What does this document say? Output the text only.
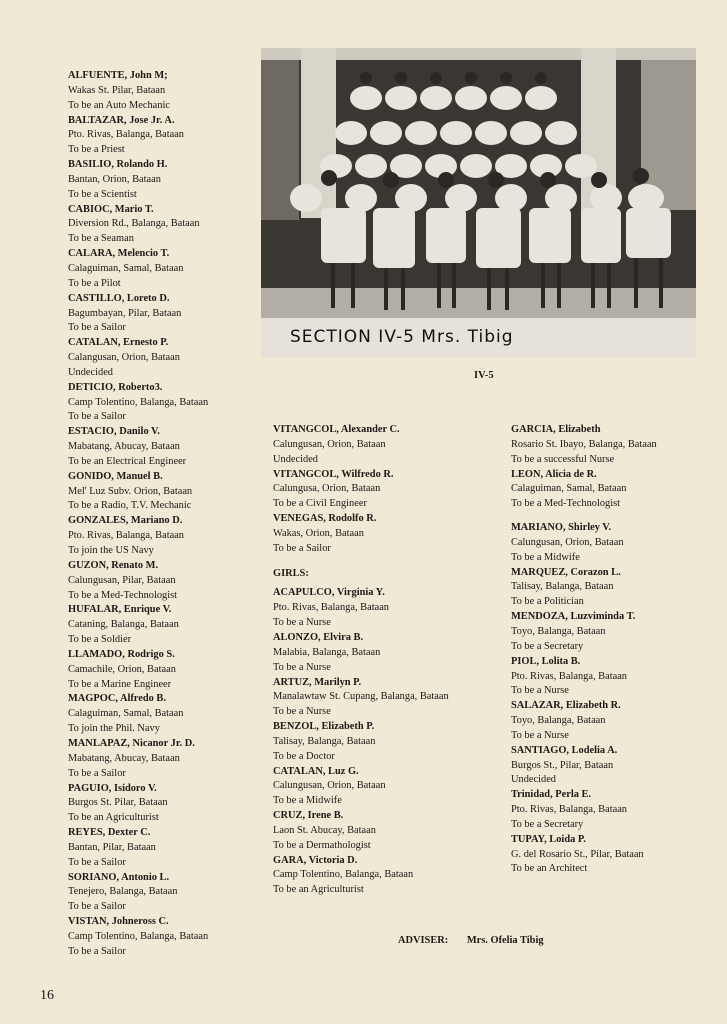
SECTION IV-5 Mrs. Tibig
IV-5
ALFUENTE, John M;
Wakas St. Pilar, Bataan
To be an Auto Mechanic
BALTAZAR, Jose Jr. A.
Pto. Rivas, Balanga, Bataan
To be a Priest
BASILIO, Rolando H.
Bantan, Orion, Bataan
To be a Scientist
CABIOC, Mario T.
Diversion Rd., Balanga, Bataan
To be a Seaman
CALARA, Melencio T.
Calaguiman, Samal, Bataan
To be a Pilot
CASTILLO, Loreto D.
Bagumbayan, Pilar, Bataan
To be a Sailor
CATALAN, Ernesto P.
Calangusan, Orion, Bataan
Undecided
DETICIO, Roberto3.
Camp Tolentino, Balanga, Bataan
To be a Sailor
ESTACIO, Danilo V.
Mabatang, Abucay, Bataan
To be an Electrical Engineer
GONIDO, Manuel B.
Mel' Luz Subv. Orion, Bataan
To be a Radio, T.V. Mechanic
GONZALES, Mariano D.
Pto. Rivas, Balanga, Bataan
To join the US Navy
GUZON, Renato M.
Calungusan, Pilar, Bataan
To be a Med-Technologist
HUFALAR, Enrique V.
Cataning, Balanga, Bataan
To be a Soldier
LLAMADO, Rodrigo S.
Camachile, Orion, Bataan
To be a Marine Engineer
MAGPOC, Alfredo B.
Calaguiman, Samal, Bataan
To join the Phil. Navy
MANLAPAZ, Nicanor Jr. D.
Mabatang, Abucay, Bataan
To be a Sailor
PAGUIO, Isidoro V.
Burgos St. Pilar, Bataan
To be an Agriculturist
REYES, Dexter C.
Bantan, Pilar, Bataan
To be a Sailor
SORIANO, Antonio L.
Tenejero, Balanga, Bataan
To be a Sailor
VISTAN, Johneross C.
Camp Tolentino, Balanga, Bataan
To be a Sailor
VITANGCOL, Alexander C.
Calungusan, Orion, Bataan
Undecided
VITANGCOL, Wilfredo R.
Calungusa, Orion, Bataan
To be a Civil Engineer
VENEGAS, Rodolfo R.
Wakas, Orion, Bataan
To be a Sailor
GIRLS:
ACAPULCO, Virginia Y.
Pto. Rivas, Balanga, Bataan
To be a Nurse
ALONZO, Elvira B.
Malabia, Balanga, Bataan
To be a Nurse
ARTUZ, Marilyn P.
Manalawtaw St. Cupang, Balanga, Bataan
To be a Nurse
BENZOL, Elizabeth P.
Talisay, Balanga, Bataan
To be a Doctor
CATALAN, Luz G.
Calungusan, Orion, Bataan
To be a Midwife
CRUZ, Irene B.
Laon St. Abucay, Bataan
To be a Dermathologist
GARA, Victoria D.
Camp Tolentino, Balanga, Bataan
To be an Agriculturist
GARCIA, Elizabeth
Rosario St. Ibayo, Balanga, Bataan
To be a successful Nurse
LEON, Alicia de R.
Calaguiman, Samal, Bataan
To be a Med-Technologist
MARIANO, Shirley V.
Calungusan, Orion, Bataan
To be a Midwife
MARQUEZ, Corazon L.
Talisay, Balanga, Bataan
To be a Politician
MENDOZA, Luzviminda T.
Toyo, Balanga, Bataan
To be a Secretary
PIOL, Lolita B.
Pto. Rivas, Balanga, Bataan
To be a Nurse
SALAZAR, Elizabeth R.
Toyo, Balanga, Bataan
To be a Nurse
SANTIAGO, Lodelia A.
Burgos St., Pilar, Bataan
Undecided
Trinidad, Perla E.
Pto. Rivas, Balanga, Bataan
To be a Secretary
TUPAY, Loida P.
G. del Rosario St., Pilar, Bataan
To be an Architect
ADVISER: Mrs. Ofelia Tibig
16
